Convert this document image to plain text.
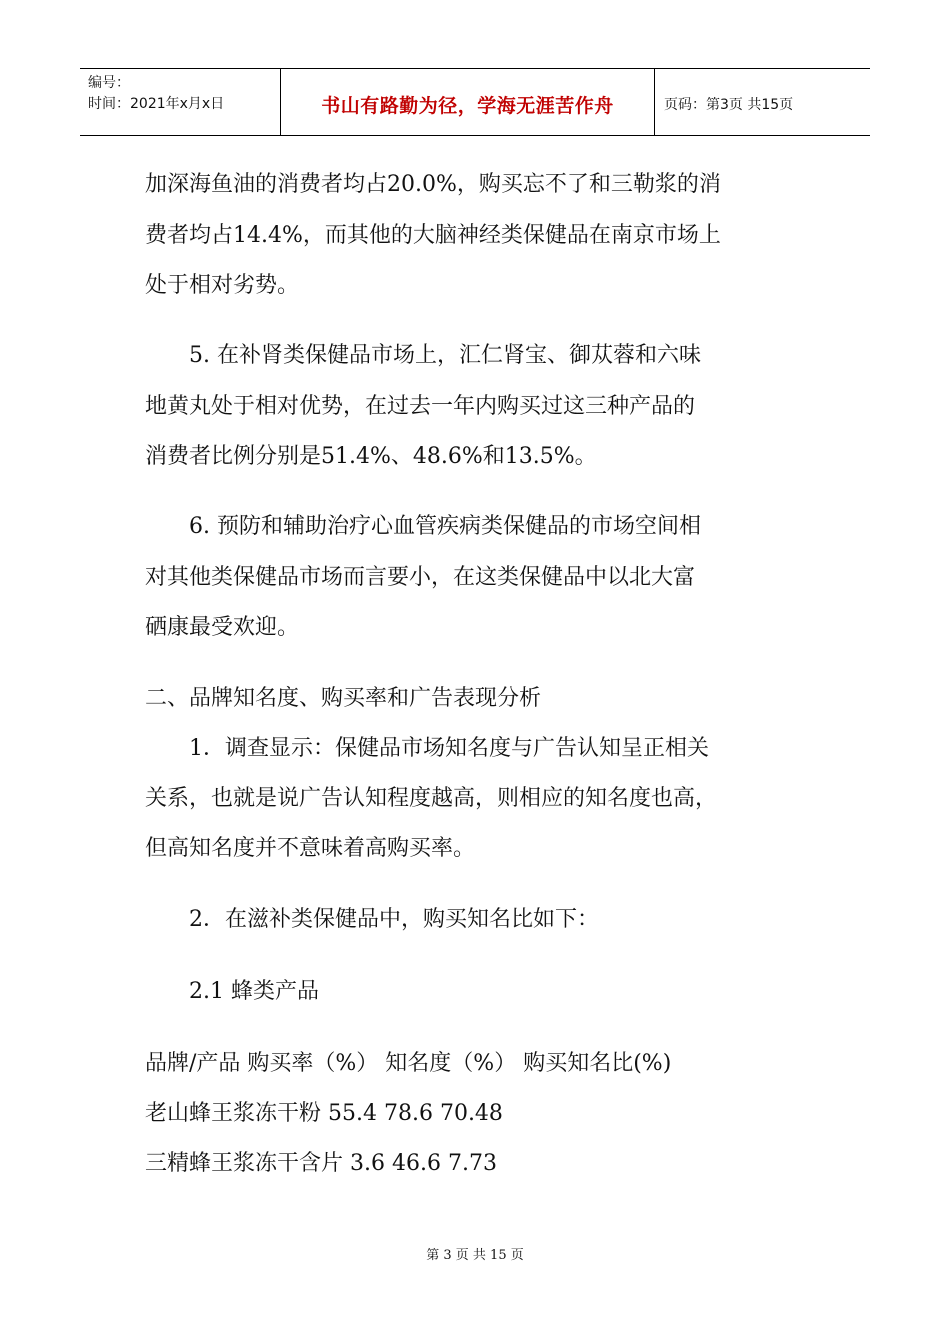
编号：
时间：2021年x月x日	书山有路勤为径，学海无涯苦作舟	页码：第3页 共15页
加深海鱼油的消费者均占20.0%，购买忘不了和三勒浆的消
费者均占14.4%，而其他的大脑神经类保健品在南京市场上
处于相对劣势。
　　5. 在补肾类保健品市场上，汇仁肾宝、御苁蓉和六味
地黄丸处于相对优势，在过去一年内购买过这三种产品的
消费者比例分别是51.4%、48.6%和13.5%。
　　6. 预防和辅助治疗心血管疾病类保健品的市场空间相
对其他类保健品市场而言要小，在这类保健品中以北大富
硒康最受欢迎。
二、品牌知名度、购买率和广告表现分析
　　1．调查显示：保健品市场知名度与广告认知呈正相关
关系，也就是说广告认知程度越高，则相应的知名度也高，
但高知名度并不意味着高购买率。
　　2．在滋补类保健品中，购买知名比如下：
　　2.1 蜂类产品
品牌/产品 购买率（%） 知名度（%） 购买知名比(%)
老山蜂王浆冻干粉 55.4 78.6 70.48
三精蜂王浆冻干含片 3.6 46.6 7.73
第 3 页 共 15 页
